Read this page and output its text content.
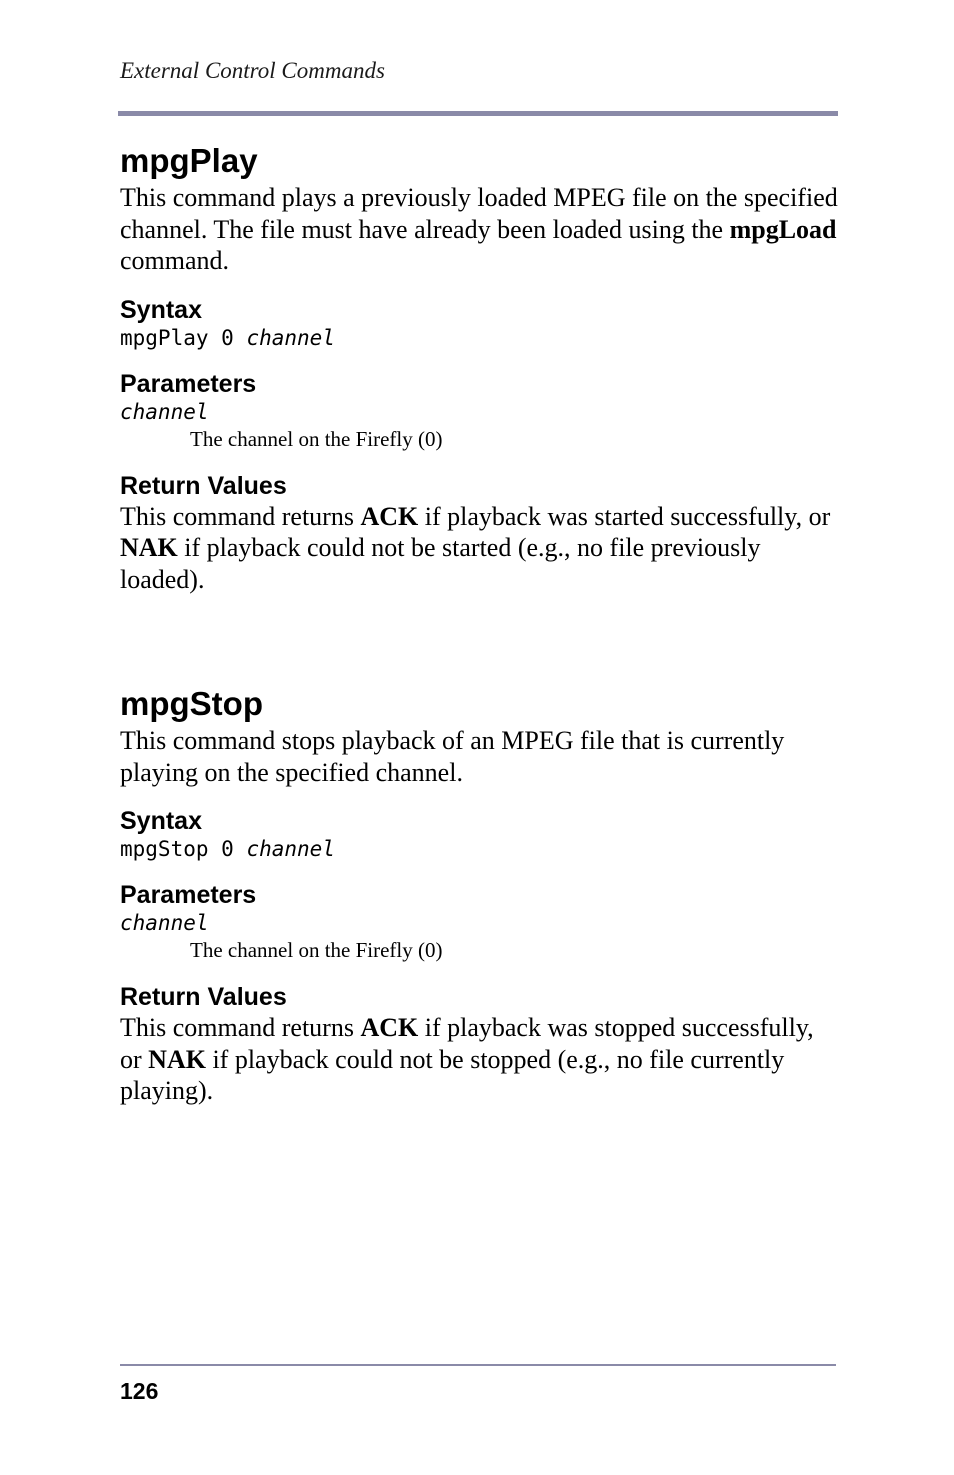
External Control Commands
mpgPlay

This command plays a previously loaded MPEG file on the specified channel. The file must have already been loaded using the mpgLoad command.

Syntax

mpgPlay 0 channel

Parameters

channel

The channel on the Firefly (0)

Return Values

This command returns ACK if playback was started successfully, or NAK if playback could not be started (e.g., no file previously loaded).

mpgStop

This command stops playback of an MPEG file that is currently playing on the specified channel.

Syntax

mpgStop 0 channel

Parameters

channel

The channel on the Firefly (0)

Return Values

This command returns ACK if playback was stopped successfully, or NAK if playback could not be stopped (e.g., no file currently playing).

126
